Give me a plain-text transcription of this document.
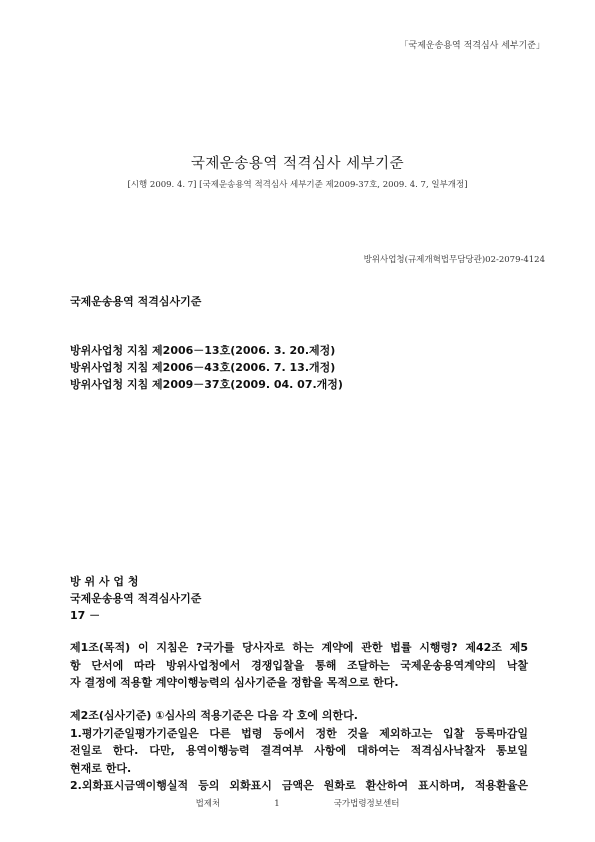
「국제운송용역 적격심사 세부기준」
국제운송용역 적격심사 세부기준
[시행 2009. 4. 7] [국제운송용역 적격심사 세부기준 제2009-37호, 2009. 4. 7, 일부개정]
방위사업청(규제개혁법무담당관)02-2079-4124
국제운송용역 적격심사기준
방위사업청 지침 제2006－13호(2006. 3. 20.제정)
방위사업청 지침 제2006－43호(2006. 7. 13.개정)
방위사업청 지침 제2009－37호(2009. 04. 07.개정)
방 위 사 업 청
국제운송용역 적격심사기준
17 －
제1조(목적) 이 지침은 ?국가를 당사자로 하는 계약에 관한 법률 시행령? 제42조 제5
항 단서에 따라 방위사업청에서 경쟁입찰을 통해 조달하는 국제운송용역계약의 낙찰
자 결정에 적용할 계약이행능력의 심사기준을 정함을 목적으로 한다.
제2조(심사기준) ①심사의 적용기준은 다음 각 호에 의한다.
1.평가기준일평가기준일은 다른 법령 등에서 정한 것을 제외하고는 입찰 등록마감일
전일로 한다. 다만, 용역이행능력 결격여부 사항에 대하여는 적격심사낙찰자 통보일
현재로 한다.
2.외화표시금액이행실적 등의 외화표시 금액은 원화로 환산하여 표시하며, 적용환율은
법제처                    1                    국가법령정보센터
